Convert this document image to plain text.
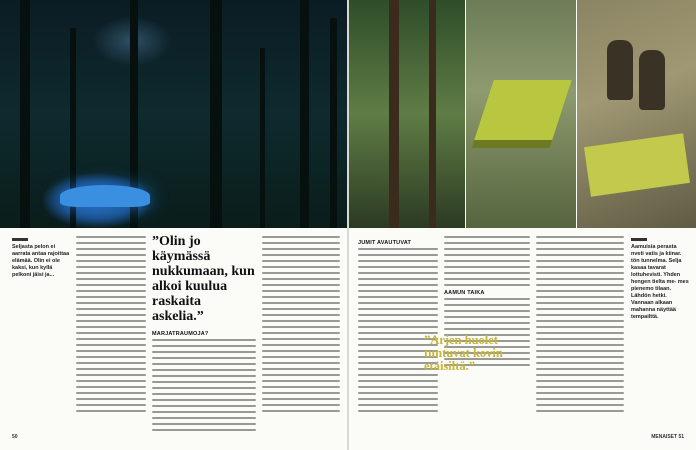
Seljasta pelon ei aarrata antaa rajoittaa elämää. Olin ei ole kaksi, kun kyllä pelkoni jäisi ja...
”Olin jo käymässä nukkumaan, kun alkoi kuulua raskaita askelia.”
MARJATRAUMOJA?
50
JUMIT AVAUTUVAT
AAMUN TAIKA
”Arjen huolet tuntuvat kovin etäisiltä.”
Aamuisia perasta nveti vatis ja kiinar. tön tunnelma. Selja kasaa tavarat lottuhevisti. Yhden hengen tielta me- mes pienemo tilaan. Lähdön hetki. Vannaan alkaan mahanna näyttää tempailttä.
MENAISET 51
